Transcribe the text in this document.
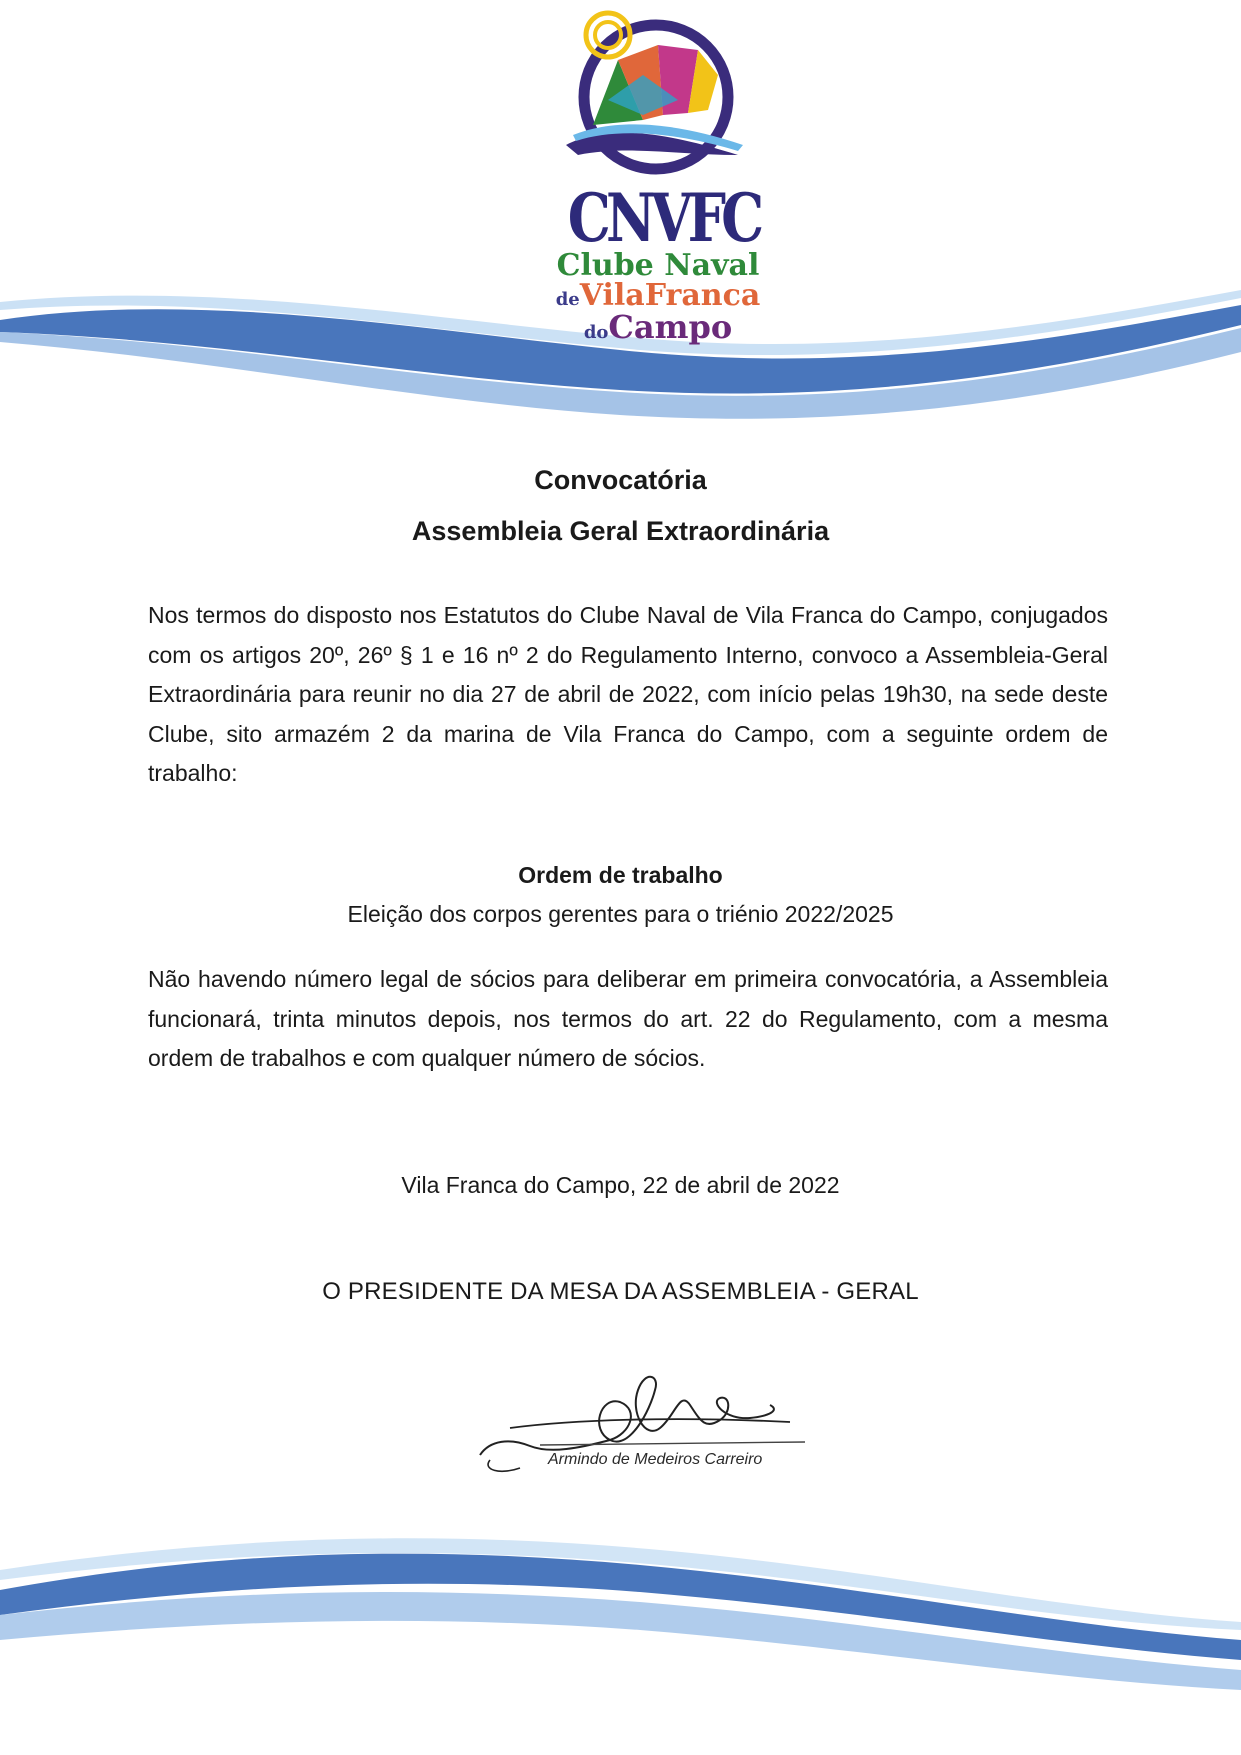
CNVFC
Clube Naval
deVilaFranca
doCampo
Convocatória
Assembleia Geral Extraordinária

Nos termos do disposto nos Estatutos do Clube Naval de Vila Franca do Campo, conjugados com os artigos 20º, 26º § 1 e 16 nº 2 do Regulamento Interno, convoco a Assembleia-Geral Extraordinária para reunir no dia 27 de abril de 2022, com início pelas 19h30, na sede deste Clube, sito armazém 2 da marina de Vila Franca do Campo, com a seguinte ordem de trabalho:

Ordem de trabalho

Eleição dos corpos gerentes para o triénio 2022/2025

Não havendo número legal de sócios para deliberar em primeira convocatória, a Assembleia funcionará, trinta minutos depois, nos termos do art. 22 do Regulamento, com a mesma ordem de trabalhos e com qualquer número de sócios.

Vila Franca do Campo, 22 de abril de 2022

O PRESIDENTE DA MESA DA ASSEMBLEIA - GERAL

Armindo de Medeiros Carreiro
